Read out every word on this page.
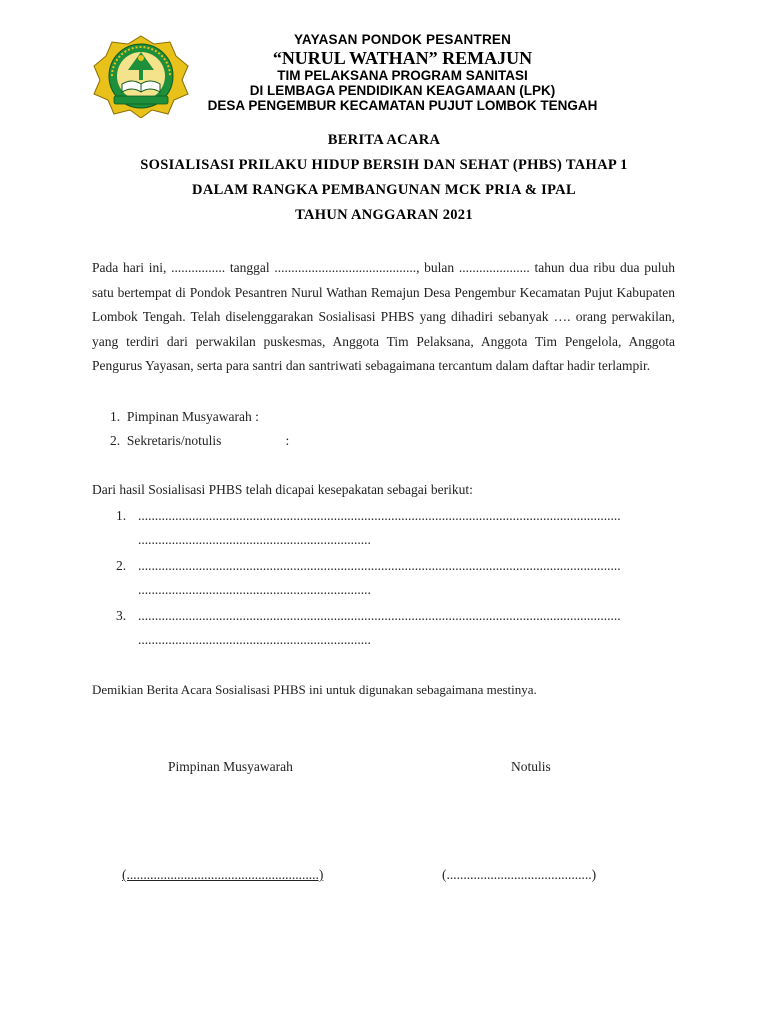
YAYASAN PONDOK PESANTREN
“NURUL WATHAN” REMAJUN
TIM PELAKSANA PROGRAM SANITASI
DI LEMBAGA PENDIDIKAN KEAGAMAAN (LPK)
DESA PENGEMBUR KECAMATAN PUJUT LOMBOK TENGAH
BERITA ACARA
SOSIALISASI PRILAKU HIDUP BERSIH DAN SEHAT (PHBS) TAHAP 1
DALAM RANGKA PEMBANGUNAN MCK PRIA & IPAL
TAHUN ANGGARAN 2021
Pada hari ini, ................ tanggal .........................................., bulan ..................... tahun dua ribu dua puluh satu bertempat di Pondok Pesantren Nurul Wathan Remajun Desa Pengembur Kecamatan Pujut Kabupaten Lombok Tengah. Telah diselenggarakan Sosialisasi PHBS yang dihadiri sebanyak …. orang perwakilan, yang terdiri dari perwakilan puskesmas, Anggota Tim Pelaksana, Anggota Tim Pengelola, Anggota Pengurus Yayasan, serta para santri dan santriwati sebagaimana tercantum dalam daftar hadir terlampir.
1.  Pimpinan Musyawarah :
2.  Sekretaris/notulis                   :
Dari hasil Sosialisasi PHBS telah dicapai kesepakatan sebagai berikut:
1. ...............................................................................................................................................
.....................................................................
2. ...............................................................................................................................................
.....................................................................
3. ...............................................................................................................................................
.....................................................................
Demikian Berita Acara Sosialisasi PHBS ini untuk digunakan sebagaimana mestinya.
Pimpinan Musyawarah	Notulis
(.........................................................)	(...........................................)
